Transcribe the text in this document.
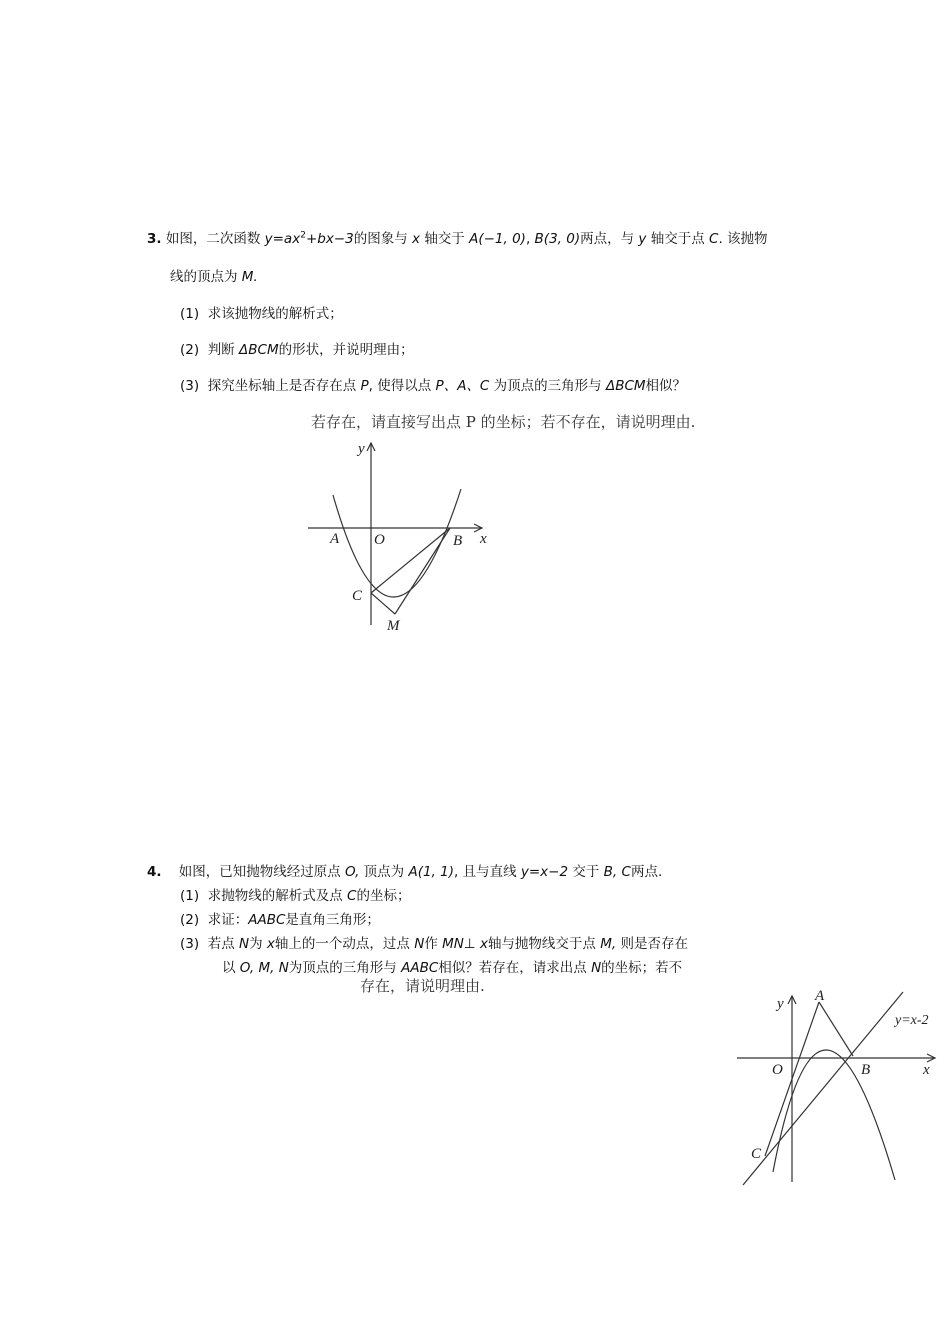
3. 如图，二次函数 $y=ax^2+bx-3$的图象与 x 轴交于 A(−1, 0), B(3, 0)两点，与 y 轴交于点 C. 该抛物
线的顶点为 M.
(1) 求该抛物线的解析式；
(2) 判断 ΔBCM的形状，并说明理由；
(3) 探究坐标轴上是否存在点 P, 使得以点 P、A、C 为顶点的三角形与 ΔBCM相似？
若存在，请直接写出点 P 的坐标；若不存在，请说明理由.
y
x
A O	B
C
M
4. 如图，已知抛物线经过原点 O, 顶点为 A(1, 1), 且与直线 y=x−2 交于 B, C两点.
(1) 求抛物线的解析式及点 C的坐标；
(2) 求证：AABC是直角三角形；
(3) 若点 N为 x轴上的一个动点，过点 N作 MN⊥ x轴与抛物线交于点 M, 则是否存在
以 O, M, N为顶点的三角形与 AABC相似？若存在，请求出点 N的坐标；若不
存在，请说明理由.
y
x
A
O	B
C
y=x-2
